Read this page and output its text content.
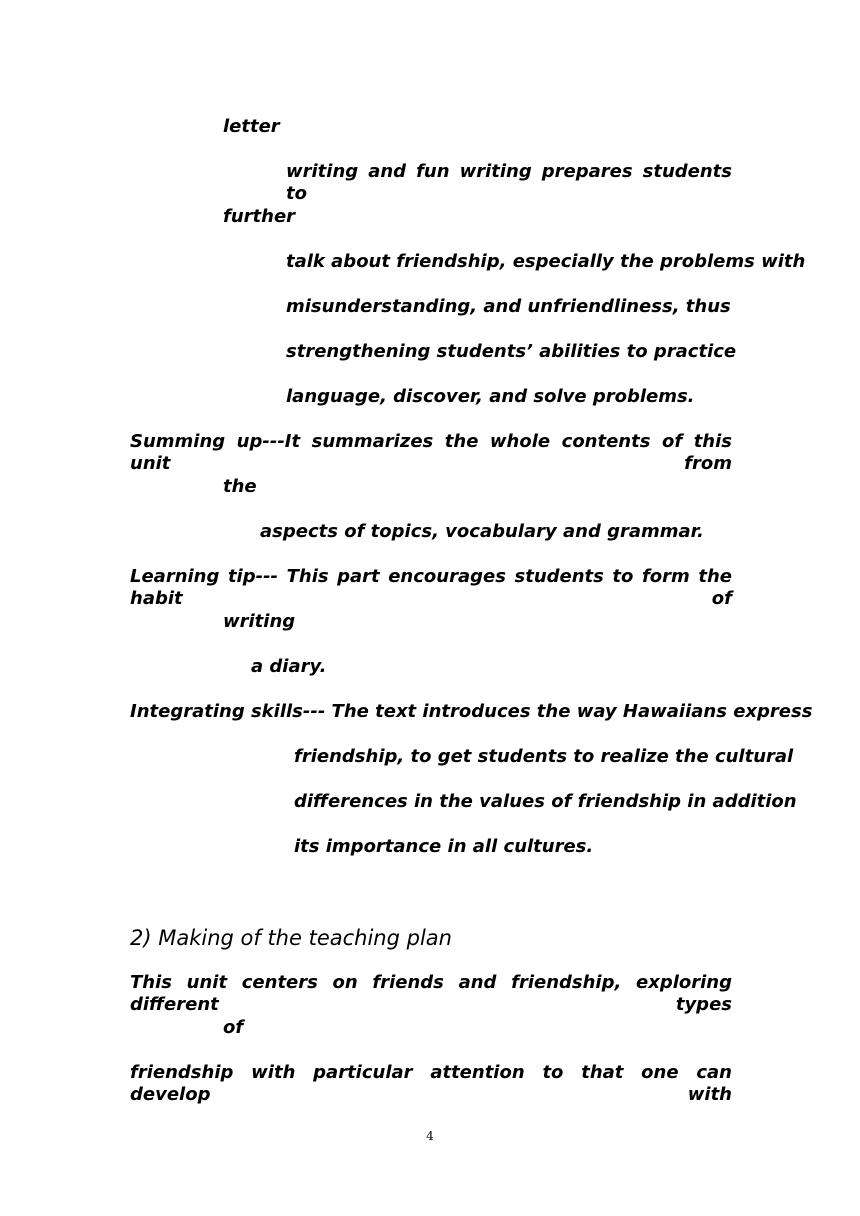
letter
writing and fun writing prepares students to
further
talk about friendship, especially the problems with
misunderstanding, and unfriendliness, thus
strengthening students’ abilities to practice
language, discover, and solve problems.
Summing up---It summarizes the whole contents of this unit from
the
aspects of topics, vocabulary and grammar.
Learning tip--- This part encourages students to form the habit of
writing
a diary.
Integrating skills--- The text introduces the way Hawaiians express
friendship, to get students to realize the cultural
differences in the values of friendship in addition
its importance in all cultures.
2) Making of the teaching plan
This unit centers on friends and friendship, exploring different types
of
friendship with particular attention to that one can develop with
4
